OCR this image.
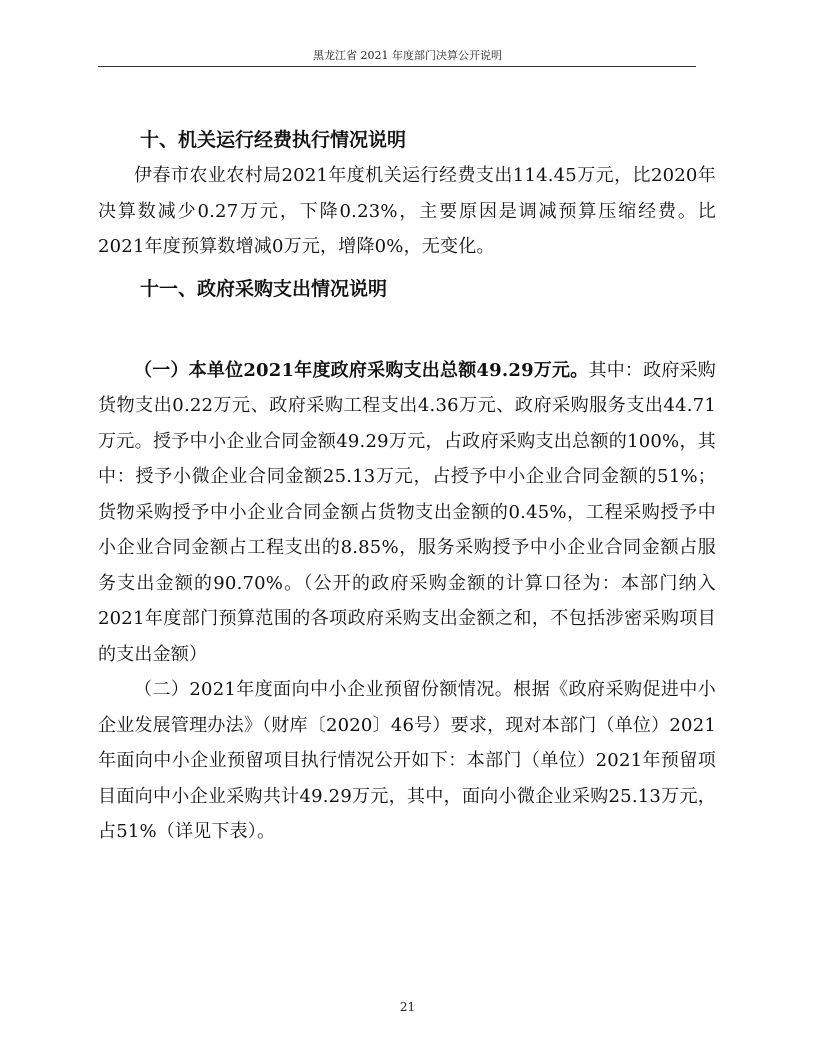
黑龙江省 2021 年度部门决算公开说明
十、机关运行经费执行情况说明

伊春市农业农村局2021年度机关运行经费支出114.45万元，比2020年决算数减少0.27万元，下降0.23%，主要原因是调减预算压缩经费。比2021年度预算数增减0万元，增降0%，无变化。

十一、政府采购支出情况说明

（一）本单位2021年度政府采购支出总额49.29万元。其中：政府采购货物支出0.22万元、政府采购工程支出4.36万元、政府采购服务支出44.71万元。授予中小企业合同金额49.29万元，占政府采购支出总额的100%，其中：授予小微企业合同金额25.13万元，占授予中小企业合同金额的51%；货物采购授予中小企业合同金额占货物支出金额的0.45%，工程采购授予中小企业合同金额占工程支出的8.85%，服务采购授予中小企业合同金额占服务支出金额的90.70%。（公开的政府采购金额的计算口径为：本部门纳入2021年度部门预算范围的各项政府采购支出金额之和，不包括涉密采购项目的支出金额）

（二）2021年度面向中小企业预留份额情况。根据《政府采购促进中小企业发展管理办法》（财库〔2020〕46号）要求，现对本部门（单位）2021年面向中小企业预留项目执行情况公开如下：本部门（单位）2021年预留项目面向中小企业采购共计49.29万元，其中，面向小微企业采购25.13万元，占51%（详见下表）。

21
